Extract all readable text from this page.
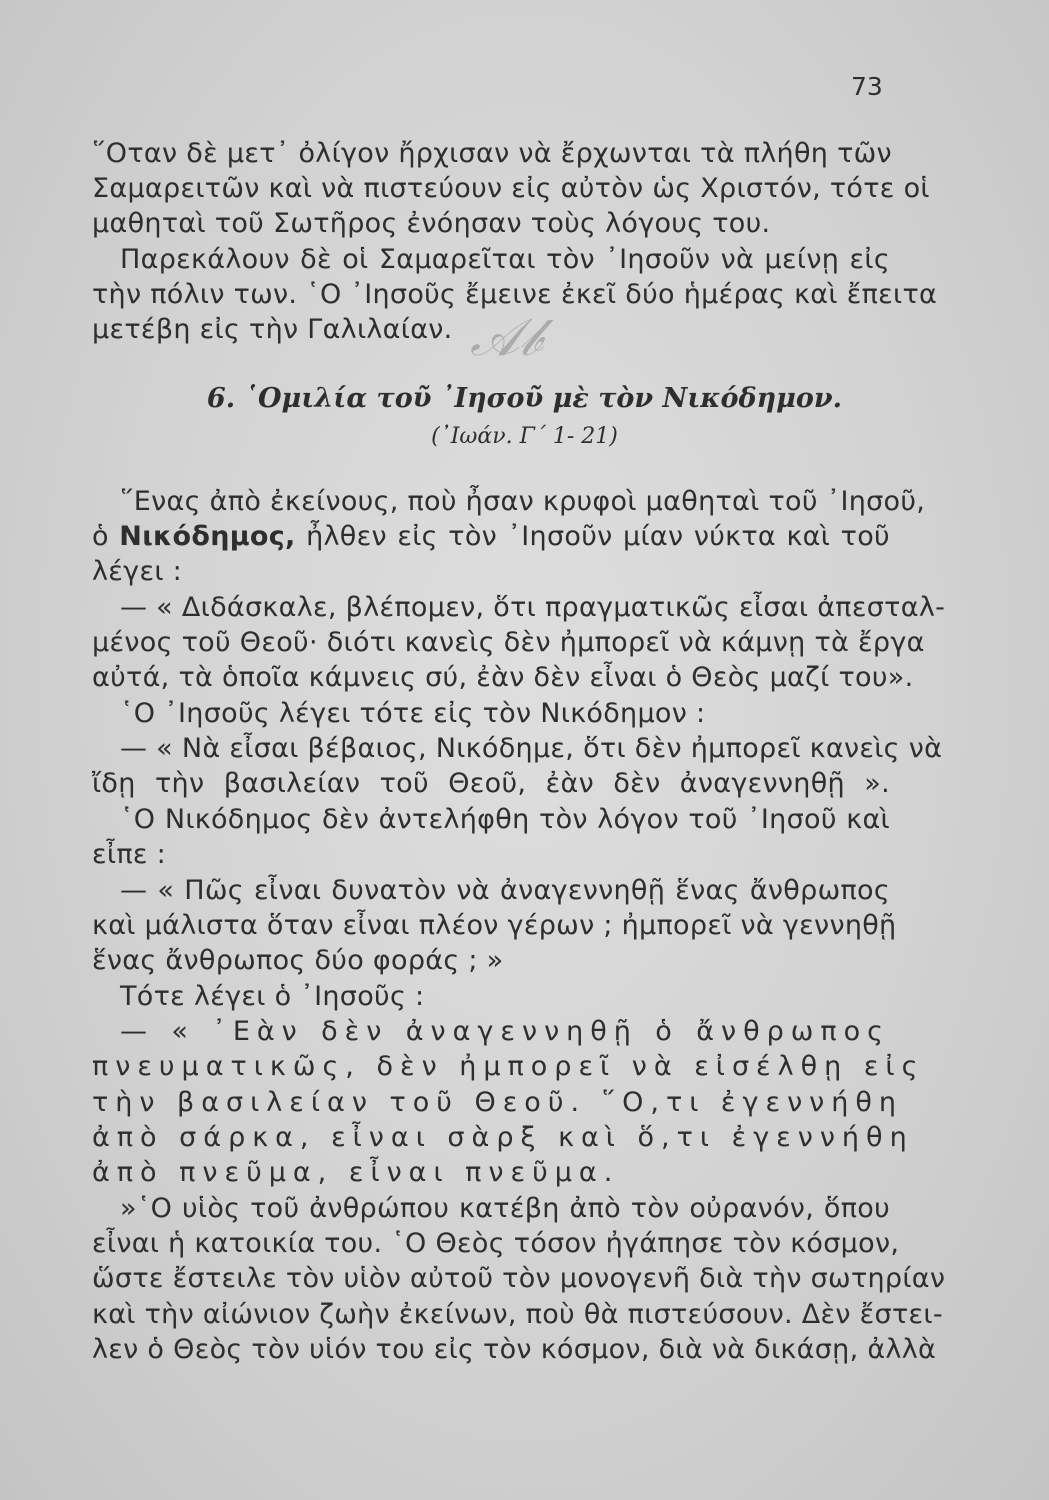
73
𝒜𝒷
῞Οταν δὲ μετ᾽ ὀλίγον ἤρχισαν νὰ ἔρχωνται τὰ πλήθη τῶν
Σαμαρειτῶν καὶ νὰ πιστεύουν εἰς αὐτὸν ὡς Χριστόν, τότε οἱ
μαθηταὶ τοῦ Σωτῆρος ἐνόησαν τοὺς λόγους του.
Παρεκάλουν δὲ οἱ Σαμαρεῖται τὸν ᾿Ιησοῦν νὰ μείνῃ εἰς
τὴν πόλιν των. ῾Ο ᾿Ιησοῦς ἔμεινε ἐκεῖ δύο ἡμέρας καὶ ἔπειτα
μετέβη εἰς τὴν Γαλιλαίαν.
6. ῾Ομιλία τοῦ ᾿Ιησοῦ μὲ τὸν Νικόδημον.
(᾿Ιωάν. Γ΄ 1- 21)
῞Ενας ἀπὸ ἐκείνους, ποὺ ἦσαν κρυφοὶ μαθηταὶ τοῦ ᾿Ιησοῦ,
ὁ Νικόδημος, ἦλθεν εἰς τὸν ᾿Ιησοῦν μίαν νύκτα καὶ τοῦ
λέγει :
— « Διδάσκαλε, βλέπομεν, ὅτι πραγματικῶς εἶσαι ἀπεσταλ-
μένος τοῦ Θεοῦ· διότι κανεὶς δὲν ἠμπορεῖ νὰ κάμνῃ τὰ ἔργα
αὐτά, τὰ ὁποῖα κάμνεις σύ, ἐὰν δὲν εἶναι ὁ Θεὸς μαζί του».
῾Ο ᾿Ιησοῦς λέγει τότε εἰς τὸν Νικόδημον :
— « Νὰ εἶσαι βέβαιος, Νικόδημε, ὅτι δὲν ἠμπορεῖ κανεὶς νὰ
ἴδῃ τὴν βασιλείαν τοῦ Θεοῦ, ἐὰν δὲν ἀναγεννηθῇ ».
῾Ο Νικόδημος δὲν ἀντελήφθη τὸν λόγον τοῦ ᾿Ιησοῦ καὶ
εἶπε :
— « Πῶς εἶναι δυνατὸν νὰ ἀναγεννηθῇ ἕνας ἄνθρωπος
καὶ μάλιστα ὅταν εἶναι πλέον γέρων ; ἠμπορεῖ νὰ γεννηθῇ
ἕνας ἄνθρωπος δύο φοράς ; »
Τότε λέγει ὁ ᾿Ιησοῦς :
— « ᾿Εὰν δὲν ἀναγεννηθῇ ὁ ἄνθρωπος
πνευματικῶς, δὲν ἠμπορεῖ νὰ εἰσέλθῃ εἰς
τὴν βασιλείαν τοῦ Θεοῦ. ῞Ο,τι ἐγεννήθη
ἀπὸ σάρκα, εἶναι σὰρξ καὶ ὅ,τι ἐγεννήθη
ἀπὸ πνεῦμα, εἶναι πνεῦμα.
»῾Ο υἱὸς τοῦ ἀνθρώπου κατέβη ἀπὸ τὸν οὐρανόν, ὅπου
εἶναι ἡ κατοικία του. ῾Ο Θεὸς τόσον ἠγάπησε τὸν κόσμον,
ὥστε ἔστειλε τὸν υἱὸν αὐτοῦ τὸν μονογενῆ διὰ τὴν σωτηρίαν
καὶ τὴν αἰώνιον ζωὴν ἐκείνων, ποὺ θὰ πιστεύσουν. Δὲν ἔστει-
λεν ὁ Θεὸς τὸν υἱόν του εἰς τὸν κόσμον, διὰ νὰ δικάσῃ, ἀλλὰ
